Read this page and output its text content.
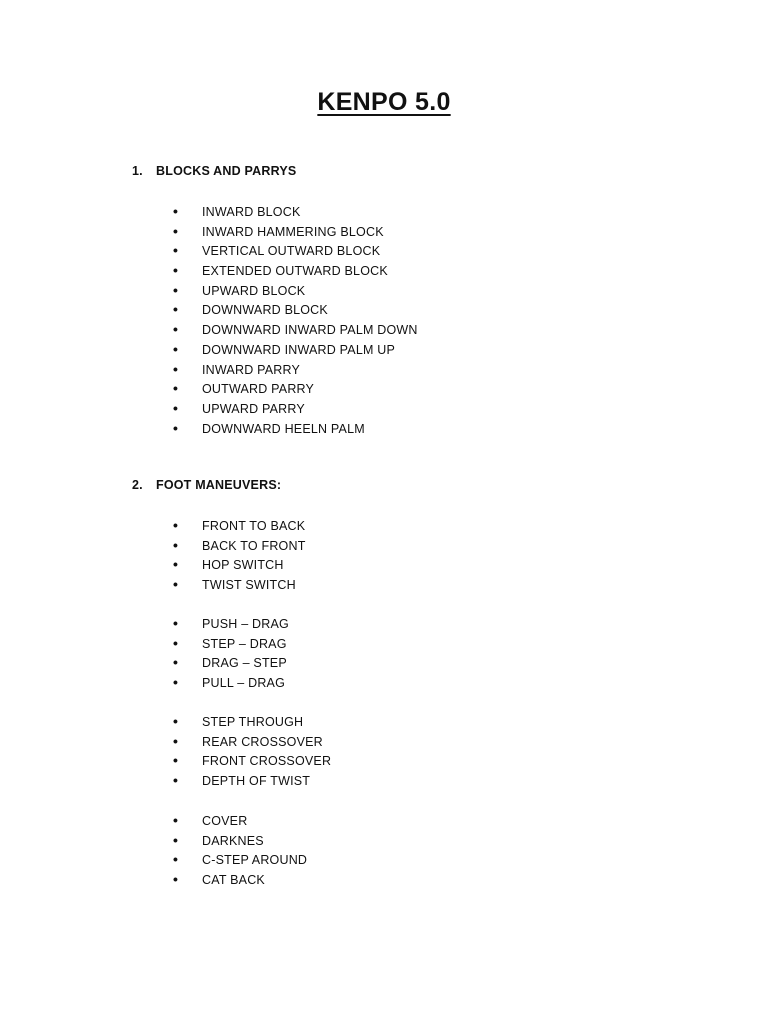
KENPO 5.0
1. BLOCKS AND PARRYS
• INWARD BLOCK
• INWARD HAMMERING BLOCK
• VERTICAL OUTWARD BLOCK
• EXTENDED OUTWARD BLOCK
• UPWARD BLOCK
• DOWNWARD BLOCK
• DOWNWARD INWARD PALM DOWN
• DOWNWARD INWARD PALM UP
• INWARD PARRY
• OUTWARD PARRY
• UPWARD PARRY
• DOWNWARD HEELN PALM
2. FOOT MANEUVERS:
• FRONT TO BACK
• BACK TO FRONT
• HOP SWITCH
• TWIST SWITCH
• PUSH – DRAG
• STEP – DRAG
• DRAG – STEP
• PULL – DRAG
• STEP THROUGH
• REAR CROSSOVER
• FRONT CROSSOVER
• DEPTH OF TWIST
• COVER
• DARKNES
• C-STEP AROUND
• CAT BACK
